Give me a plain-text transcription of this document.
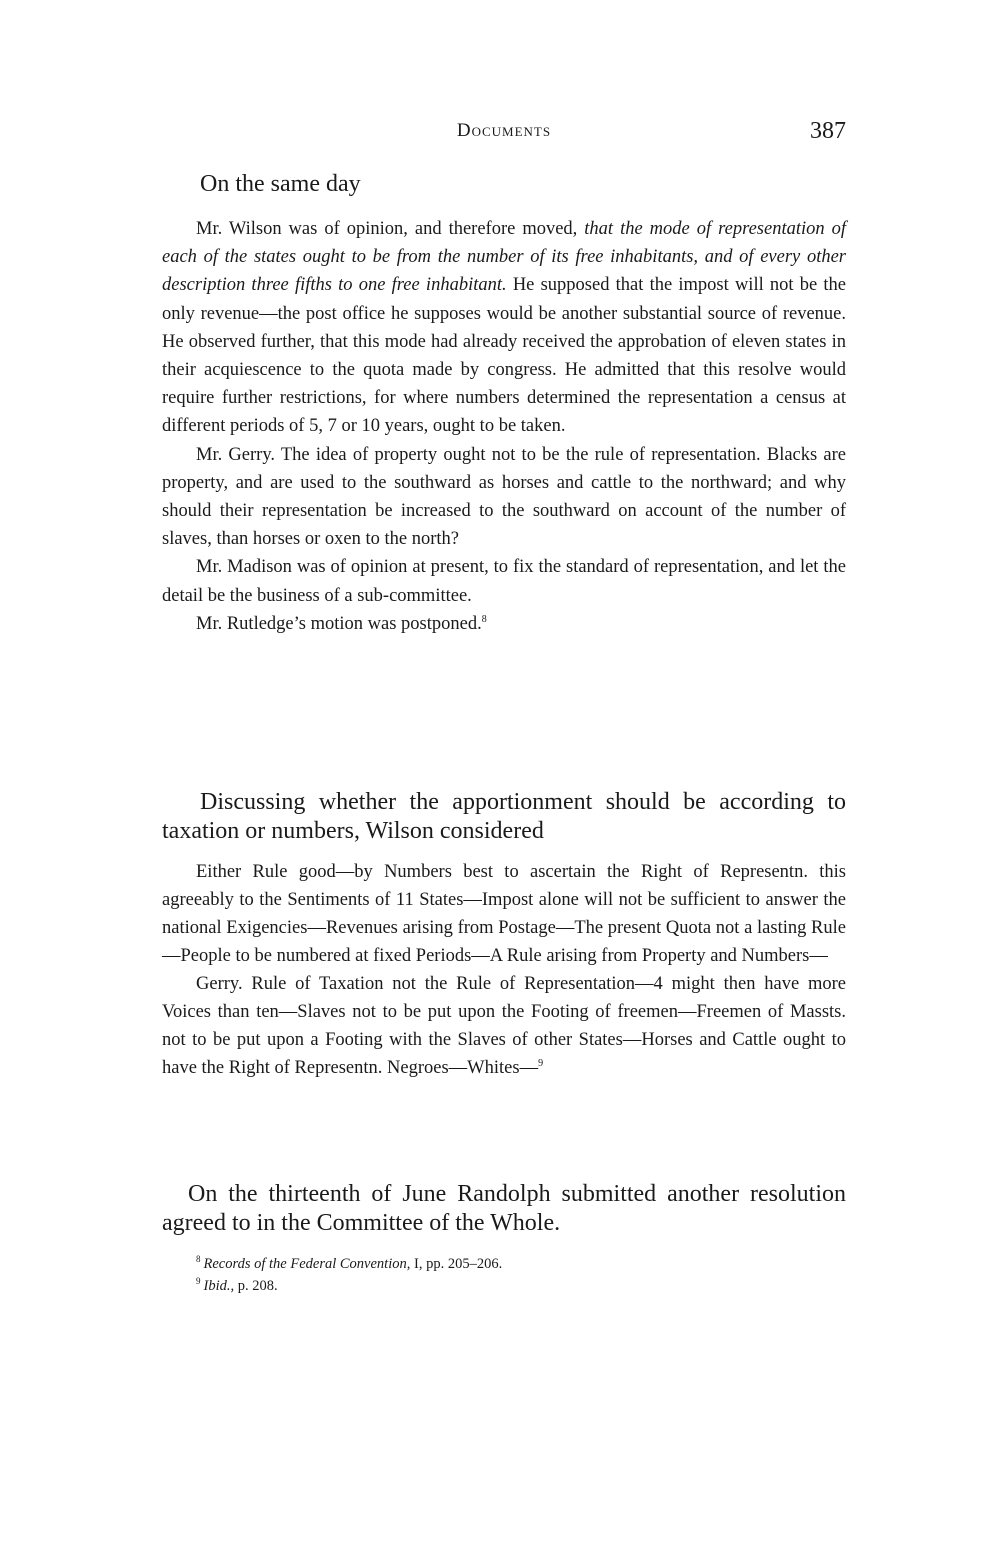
Documents	387
On the same day

Mr. Wilson was of opinion, and therefore moved, that the mode of representation of each of the states ought to be from the number of its free inhabitants, and of every other description three fifths to one free inhabitant. He supposed that the impost will not be the only revenue—the post office he supposes would be another substantial source of revenue. He observed further, that this mode had already received the approbation of eleven states in their acquiescence to the quota made by congress. He admitted that this resolve would require further restrictions, for where numbers determined the representation a census at different periods of 5, 7 or 10 years, ought to be taken.

Mr. Gerry. The idea of property ought not to be the rule of representation. Blacks are property, and are used to the southward as horses and cattle to the northward; and why should their representation be increased to the southward on account of the number of slaves, than horses or oxen to the north?

Mr. Madison was of opinion at present, to fix the standard of representation, and let the detail be the business of a sub-committee.

Mr. Rutledge’s motion was postponed.$^8$

Discussing whether the apportionment should be according to taxation or numbers, Wilson considered

Either Rule good—by Numbers best to ascertain the Right of Representn. this agreeably to the Sentiments of 11 States—Impost alone will not be sufficient to answer the national Exigencies—Revenues arising from Postage—The present Quota not a lasting Rule—People to be numbered at fixed Periods—A Rule arising from Property and Numbers—

Gerry. Rule of Taxation not the Rule of Representation—4 might then have more Voices than ten—Slaves not to be put upon the Footing of freemen—Freemen of Massts. not to be put upon a Footing with the Slaves of other States—Horses and Cattle ought to have the Right of Representn. Negroes—Whites—$^9$

On the thirteenth of June Randolph submitted another resolution agreed to in the Committee of the Whole.
$^8$ Records of the Federal Convention, I, pp. 205–206.
$^9$ Ibid., p. 208.
